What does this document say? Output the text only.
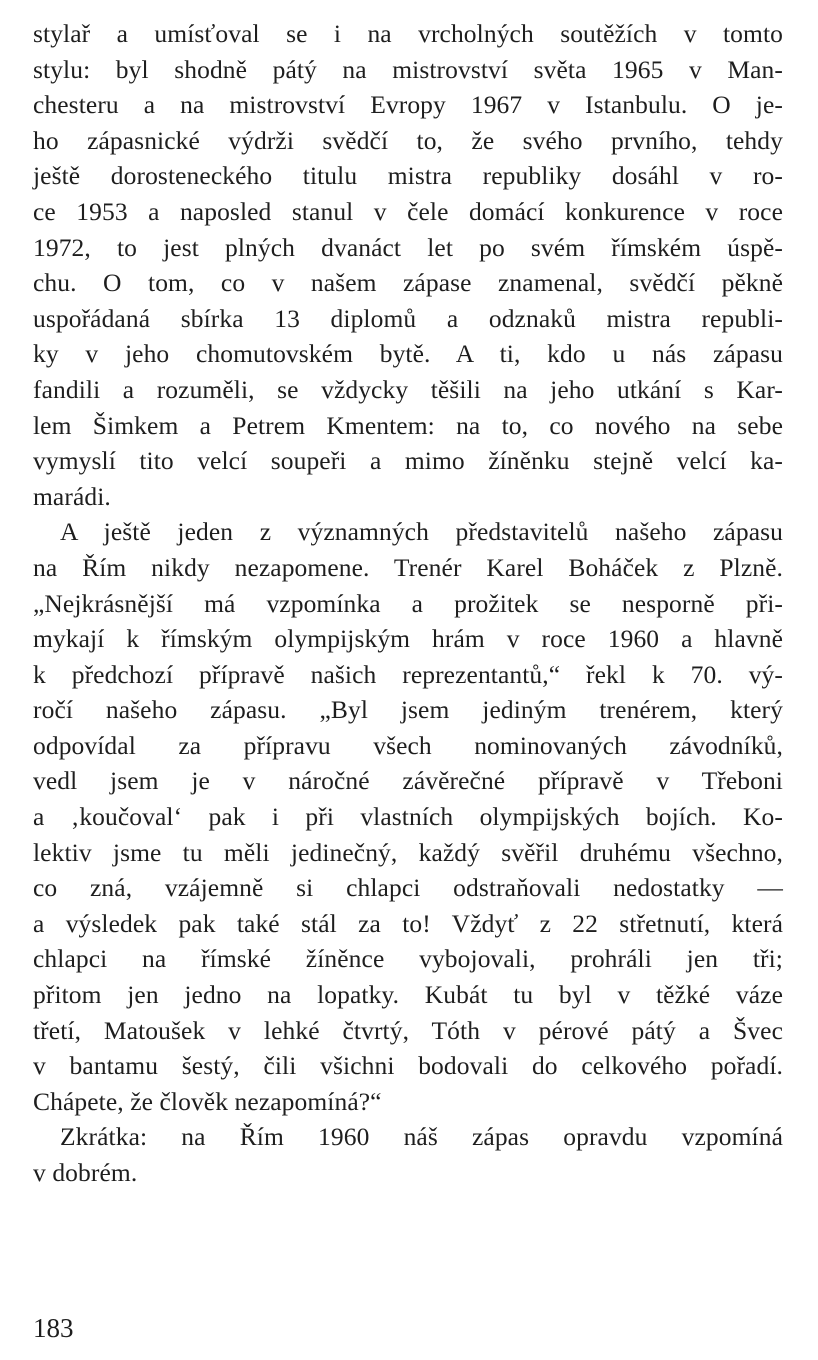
stylař a umísťoval se i na vrcholných soutěžích v tomto
stylu: byl shodně pátý na mistrovství světa 1965 v Man-
chesteru a na mistrovství Evropy 1967 v Istanbulu. O je-
ho zápasnické výdrži svědčí to, že svého prvního, tehdy
ještě dorosteneckého titulu mistra republiky dosáhl v ro-
ce 1953 a naposled stanul v čele domácí konkurence v roce
1972, to jest plných dvanáct let po svém římském úspě-
chu. O tom, co v našem zápase znamenal, svědčí pěkně
uspořádaná sbírka 13 diplomů a odznaků mistra republi-
ky v jeho chomutovském bytě. A ti, kdo u nás zápasu
fandili a rozuměli, se vždycky těšili na jeho utkání s Kar-
lem Šimkem a Petrem Kmentem: na to, co nového na sebe
vymyslí tito velcí soupeři a mimo žíněnku stejně velcí ka-
marádi.
A ještě jeden z významných představitelů našeho zápasu
na Řím nikdy nezapomene. Trenér Karel Boháček z Plzně.
„Nejkrásnější má vzpomínka a prožitek se nesporně při-
mykají k římským olympijským hrám v roce 1960 a hlavně
k předchozí přípravě našich reprezentantů,“ řekl k 70. vý-
ročí našeho zápasu. „Byl jsem jediným trenérem, který
odpovídal za přípravu všech nominovaných závodníků,
vedl jsem je v náročné závěrečné přípravě v Třeboni
a ‚koučoval‘ pak i při vlastních olympijských bojích. Ko-
lektiv jsme tu měli jedinečný, každý svěřil druhému všechno,
co zná, vzájemně si chlapci odstraňovali nedostatky —
a výsledek pak také stál za to! Vždyť z 22 střetnutí, která
chlapci na římské žíněnce vybojovali, prohráli jen tři;
přitom jen jedno na lopatky. Kubát tu byl v těžké váze
třetí, Matoušek v lehké čtvrtý, Tóth v pérové pátý a Švec
v bantamu šestý, čili všichni bodovali do celkového pořadí.
Chápete, že člověk nezapomíná?“
Zkrátka: na Řím 1960 náš zápas opravdu vzpomíná
v dobrém.
183
